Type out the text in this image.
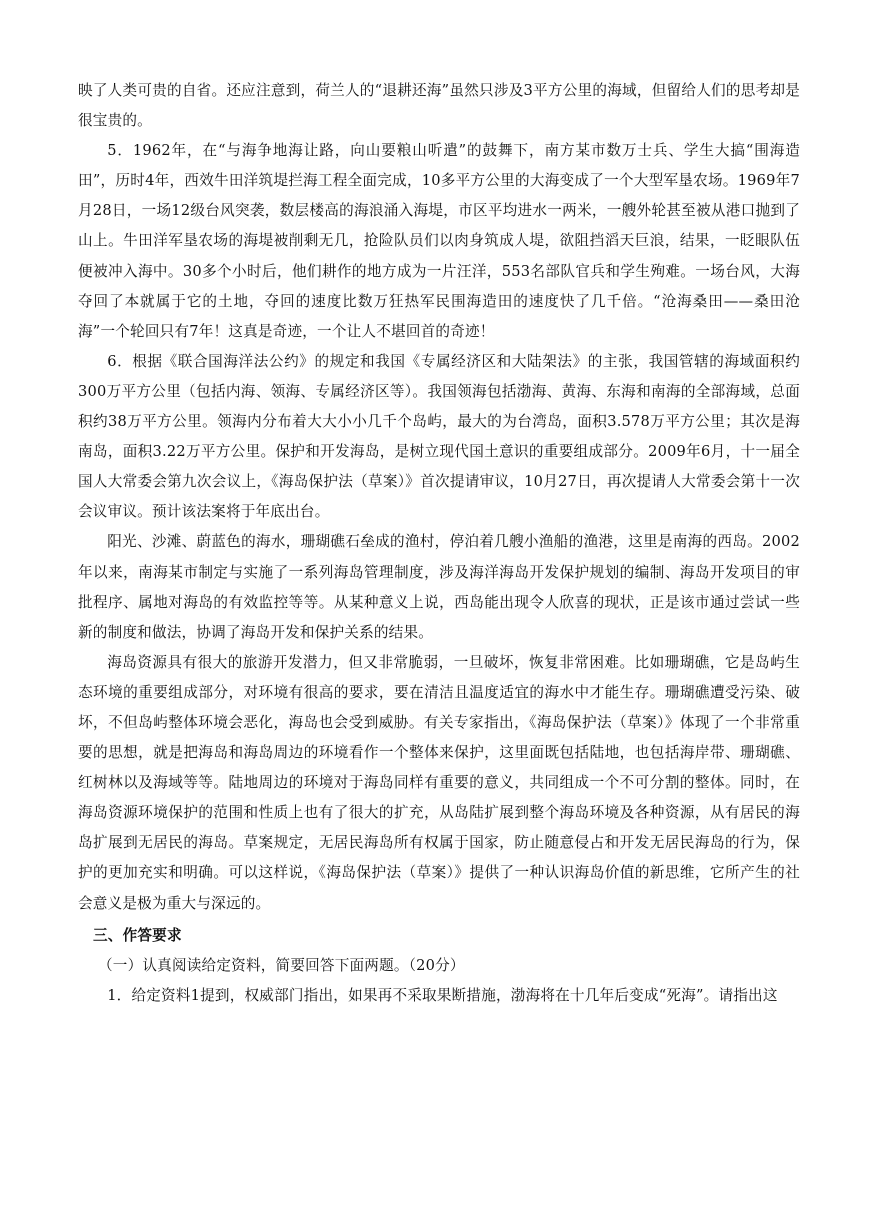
映了人类可贵的自省。还应注意到，荷兰人的“退耕还海”虽然只涉及3平方公里的海域，但留给人们的思考却是很宝贵的。

5．1962年，在“与海争地海让路，向山要粮山听遣”的鼓舞下，南方某市数万士兵、学生大搞“围海造田”，历时4年，西效牛田洋筑堤拦海工程全面完成，10多平方公里的大海变成了一个大型军垦农场。1969年7月28日，一场12级台风突袭，数层楼高的海浪涌入海堤，市区平均进水一两米，一艘外轮甚至被从港口抛到了山上。牛田洋军垦农场的海堤被削剩无几，抢险队员们以肉身筑成人堤，欲阻挡滔天巨浪，结果，一眨眼队伍便被冲入海中。30多个小时后，他们耕作的地方成为一片汪洋，553名部队官兵和学生殉难。一场台风，大海夺回了本就属于它的土地，夺回的速度比数万狂热军民围海造田的速度快了几千倍。“沧海桑田——桑田沧海”一个轮回只有7年！这真是奇迹，一个让人不堪回首的奇迹！

6．根据《联合国海洋法公约》的规定和我国《专属经济区和大陆架法》的主张，我国管辖的海域面积约300万平方公里（包括内海、领海、专属经济区等）。我国领海包括渤海、黄海、东海和南海的全部海域，总面积约38万平方公里。领海内分布着大大小小几千个岛屿，最大的为台湾岛，面积3.578万平方公里；其次是海南岛，面积3.22万平方公里。保护和开发海岛，是树立现代国土意识的重要组成部分。2009年6月，十一届全国人大常委会第九次会议上，《海岛保护法（草案）》首次提请审议，10月27日，再次提请人大常委会第十一次会议审议。预计该法案将于年底出台。

阳光、沙滩、蔚蓝色的海水，珊瑚礁石垒成的渔村，停泊着几艘小渔船的渔港，这里是南海的西岛。2002年以来，南海某市制定与实施了一系列海岛管理制度，涉及海洋海岛开发保护规划的编制、海岛开发项目的审批程序、属地对海岛的有效监控等等。从某种意义上说，西岛能出现令人欣喜的现状，正是该市通过尝试一些新的制度和做法，协调了海岛开发和保护关系的结果。

海岛资源具有很大的旅游开发潜力，但又非常脆弱，一旦破坏，恢复非常困难。比如珊瑚礁，它是岛屿生态环境的重要组成部分，对环境有很高的要求，要在清洁且温度适宜的海水中才能生存。珊瑚礁遭受污染、破坏，不但岛屿整体环境会恶化，海岛也会受到威胁。有关专家指出，《海岛保护法（草案）》体现了一个非常重要的思想，就是把海岛和海岛周边的环境看作一个整体来保护，这里面既包括陆地，也包括海岸带、珊瑚礁、红树林以及海域等等。陆地周边的环境对于海岛同样有重要的意义，共同组成一个不可分割的整体。同时，在海岛资源环境保护的范围和性质上也有了很大的扩充，从岛陆扩展到整个海岛环境及各种资源，从有居民的海岛扩展到无居民的海岛。草案规定，无居民海岛所有权属于国家，防止随意侵占和开发无居民海岛的行为，保护的更加充实和明确。可以这样说，《海岛保护法（草案）》提供了一种认识海岛价值的新思维，它所产生的社会意义是极为重大与深远的。

三、作答要求

（一）认真阅读给定资料，简要回答下面两题。（20分）

1．给定资料1提到，权威部门指出，如果再不采取果断措施，渤海将在十几年后变成“死海”。请指出这
